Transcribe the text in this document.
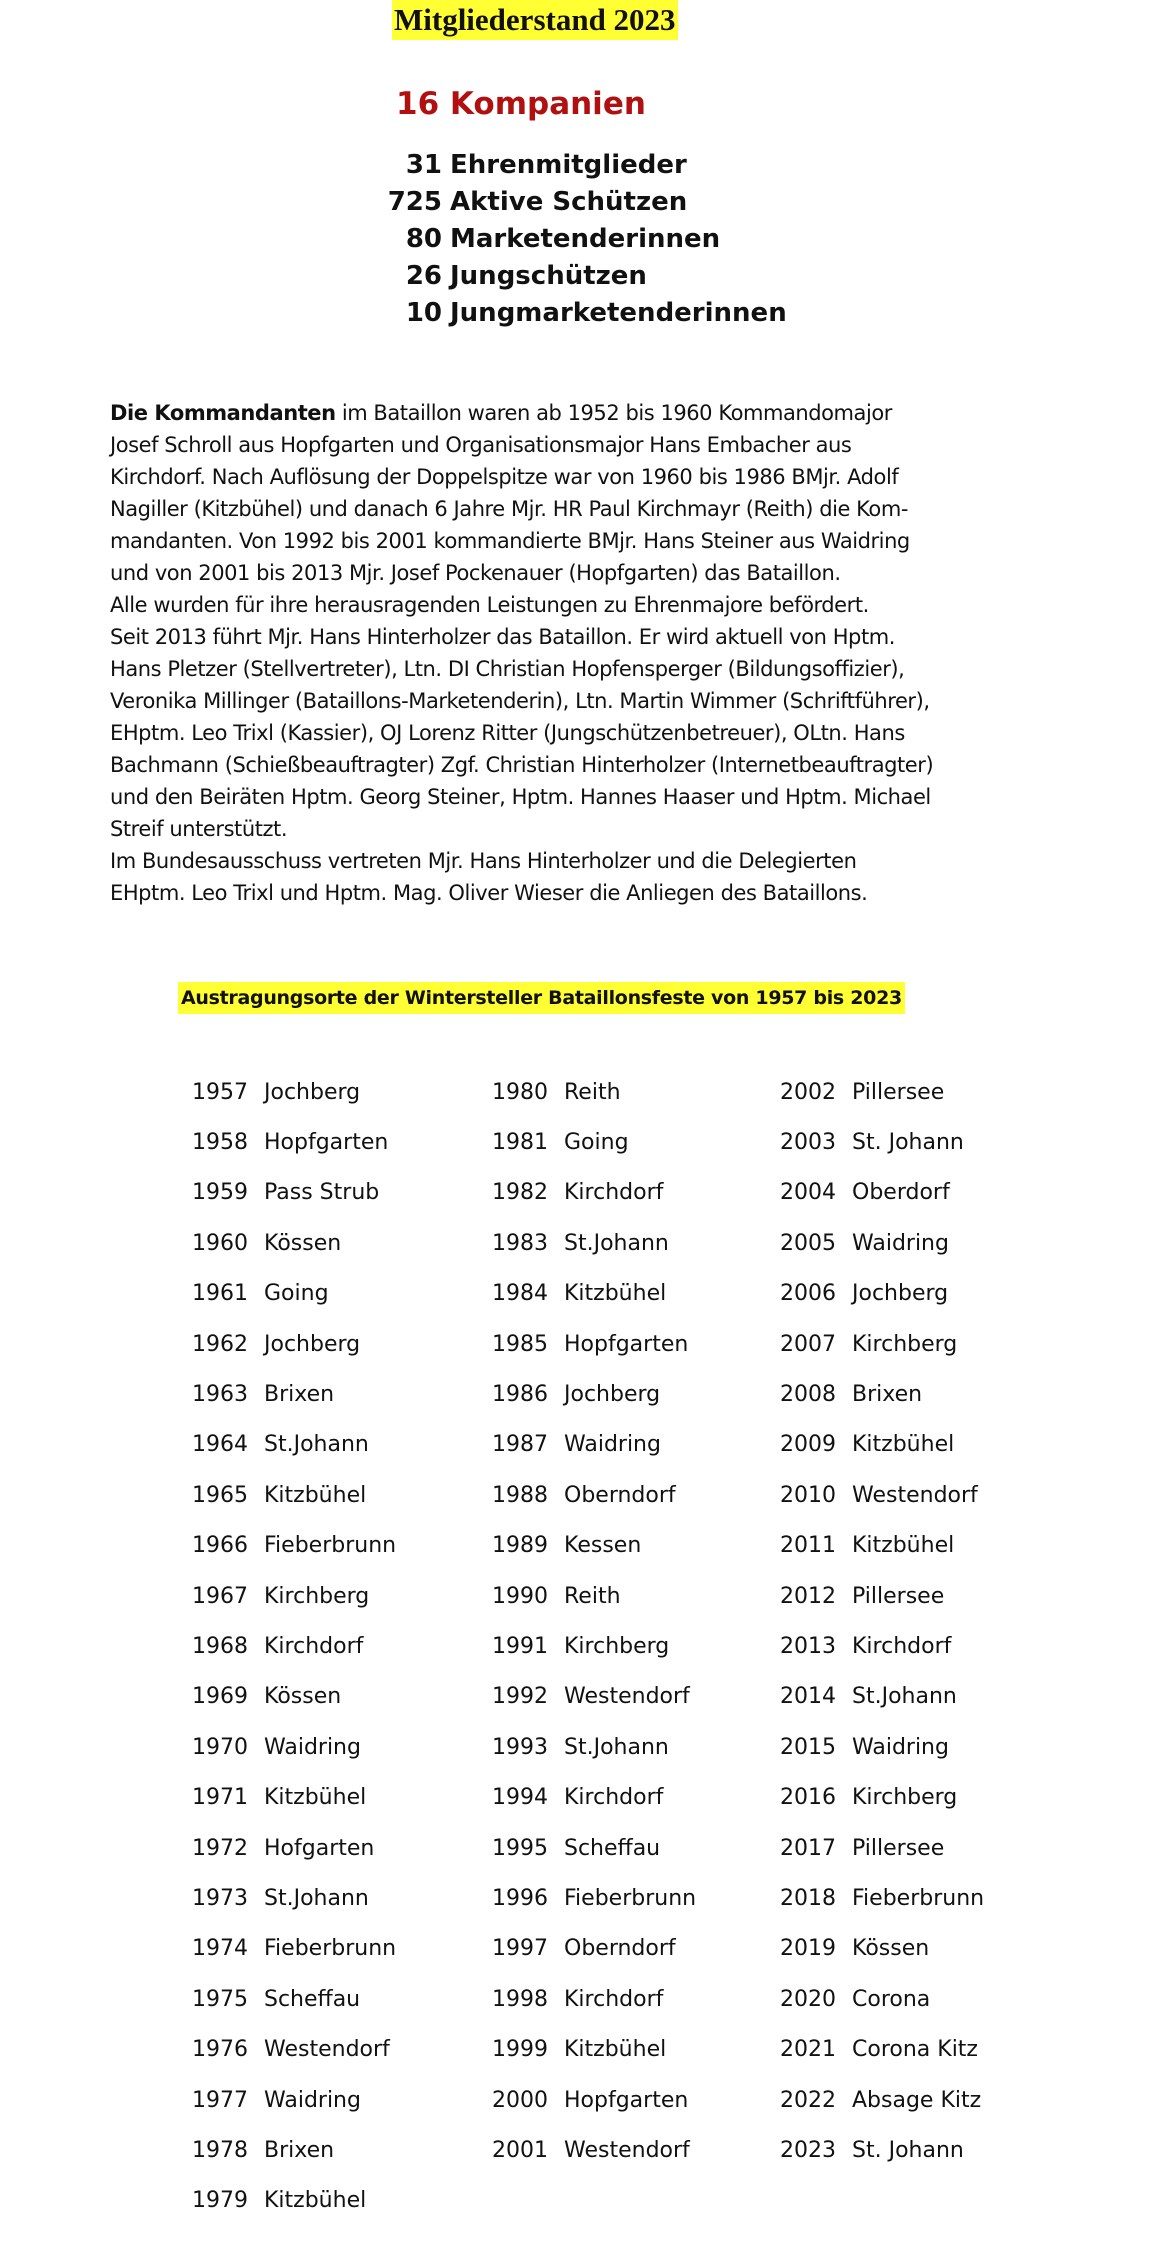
Mitgliederstand 2023
16 Kompanien
31 Ehrenmitglieder
725 Aktive Schützen
80 Marketenderinnen
26 Jungschützen
10 Jungmarketenderinnen
Die Kommandanten im Bataillon waren ab 1952 bis 1960 Kommandomajor
Josef Schroll aus Hopfgarten und Organisationsmajor Hans Embacher aus
Kirchdorf. Nach Auflösung der Doppelspitze war von 1960 bis 1986 BMjr. Adolf
Nagiller (Kitzbühel) und danach 6 Jahre Mjr. HR Paul Kirchmayr (Reith) die Kom-
mandanten. Von 1992 bis 2001 kommandierte BMjr. Hans Steiner aus Waidring
und von 2001 bis 2013 Mjr. Josef Pockenauer (Hopfgarten) das Bataillon.
Alle wurden für ihre herausragenden Leistungen zu Ehrenmajore befördert.
Seit 2013 führt Mjr. Hans Hinterholzer das Bataillon. Er wird aktuell von Hptm.
Hans Pletzer (Stellvertreter), Ltn. DI Christian Hopfensperger (Bildungsoffizier),
Veronika Millinger (Bataillons-Marketenderin), Ltn. Martin Wimmer (Schriftführer),
EHptm. Leo Trixl (Kassier), OJ Lorenz Ritter (Jungschützenbetreuer), OLtn. Hans
Bachmann (Schießbeauftragter) Zgf. Christian Hinterholzer (Internetbeauftragter)
und den Beiräten Hptm. Georg Steiner, Hptm. Hannes Haaser und Hptm. Michael
Streif unterstützt.
Im Bundesausschuss vertreten Mjr. Hans Hinterholzer und die Delegierten
EHptm. Leo Trixl und Hptm. Mag. Oliver Wieser die Anliegen des Bataillons.
Austragungsorte der Wintersteller Bataillonsfeste von 1957 bis 2023
1957 Jochberg
1958 Hopfgarten
1959 Pass Strub
1960 Kössen
1961 Going
1962 Jochberg
1963 Brixen
1964 St.Johann
1965 Kitzbühel
1966 Fieberbrunn
1967 Kirchberg
1968 Kirchdorf
1969 Kössen
1970 Waidring
1971 Kitzbühel
1972 Hofgarten
1973 St.Johann
1974 Fieberbrunn
1975 Scheffau
1976 Westendorf
1977 Waidring
1978 Brixen
1979 Kitzbühel
1980 Reith
1981 Going
1982 Kirchdorf
1983 St.Johann
1984 Kitzbühel
1985 Hopfgarten
1986 Jochberg
1987 Waidring
1988 Oberndorf
1989 Kessen
1990 Reith
1991 Kirchberg
1992 Westendorf
1993 St.Johann
1994 Kirchdorf
1995 Scheffau
1996 Fieberbrunn
1997 Oberndorf
1998 Kirchdorf
1999 Kitzbühel
2000 Hopfgarten
2001 Westendorf
2002 Pillersee
2003 St. Johann
2004 Oberdorf
2005 Waidring
2006 Jochberg
2007 Kirchberg
2008 Brixen
2009 Kitzbühel
2010 Westendorf
2011 Kitzbühel
2012 Pillersee
2013 Kirchdorf
2014 St.Johann
2015 Waidring
2016 Kirchberg
2017 Pillersee
2018 Fieberbrunn
2019 Kössen
2020 Corona
2021 Corona Kitz
2022 Absage Kitz
2023 St. Johann
